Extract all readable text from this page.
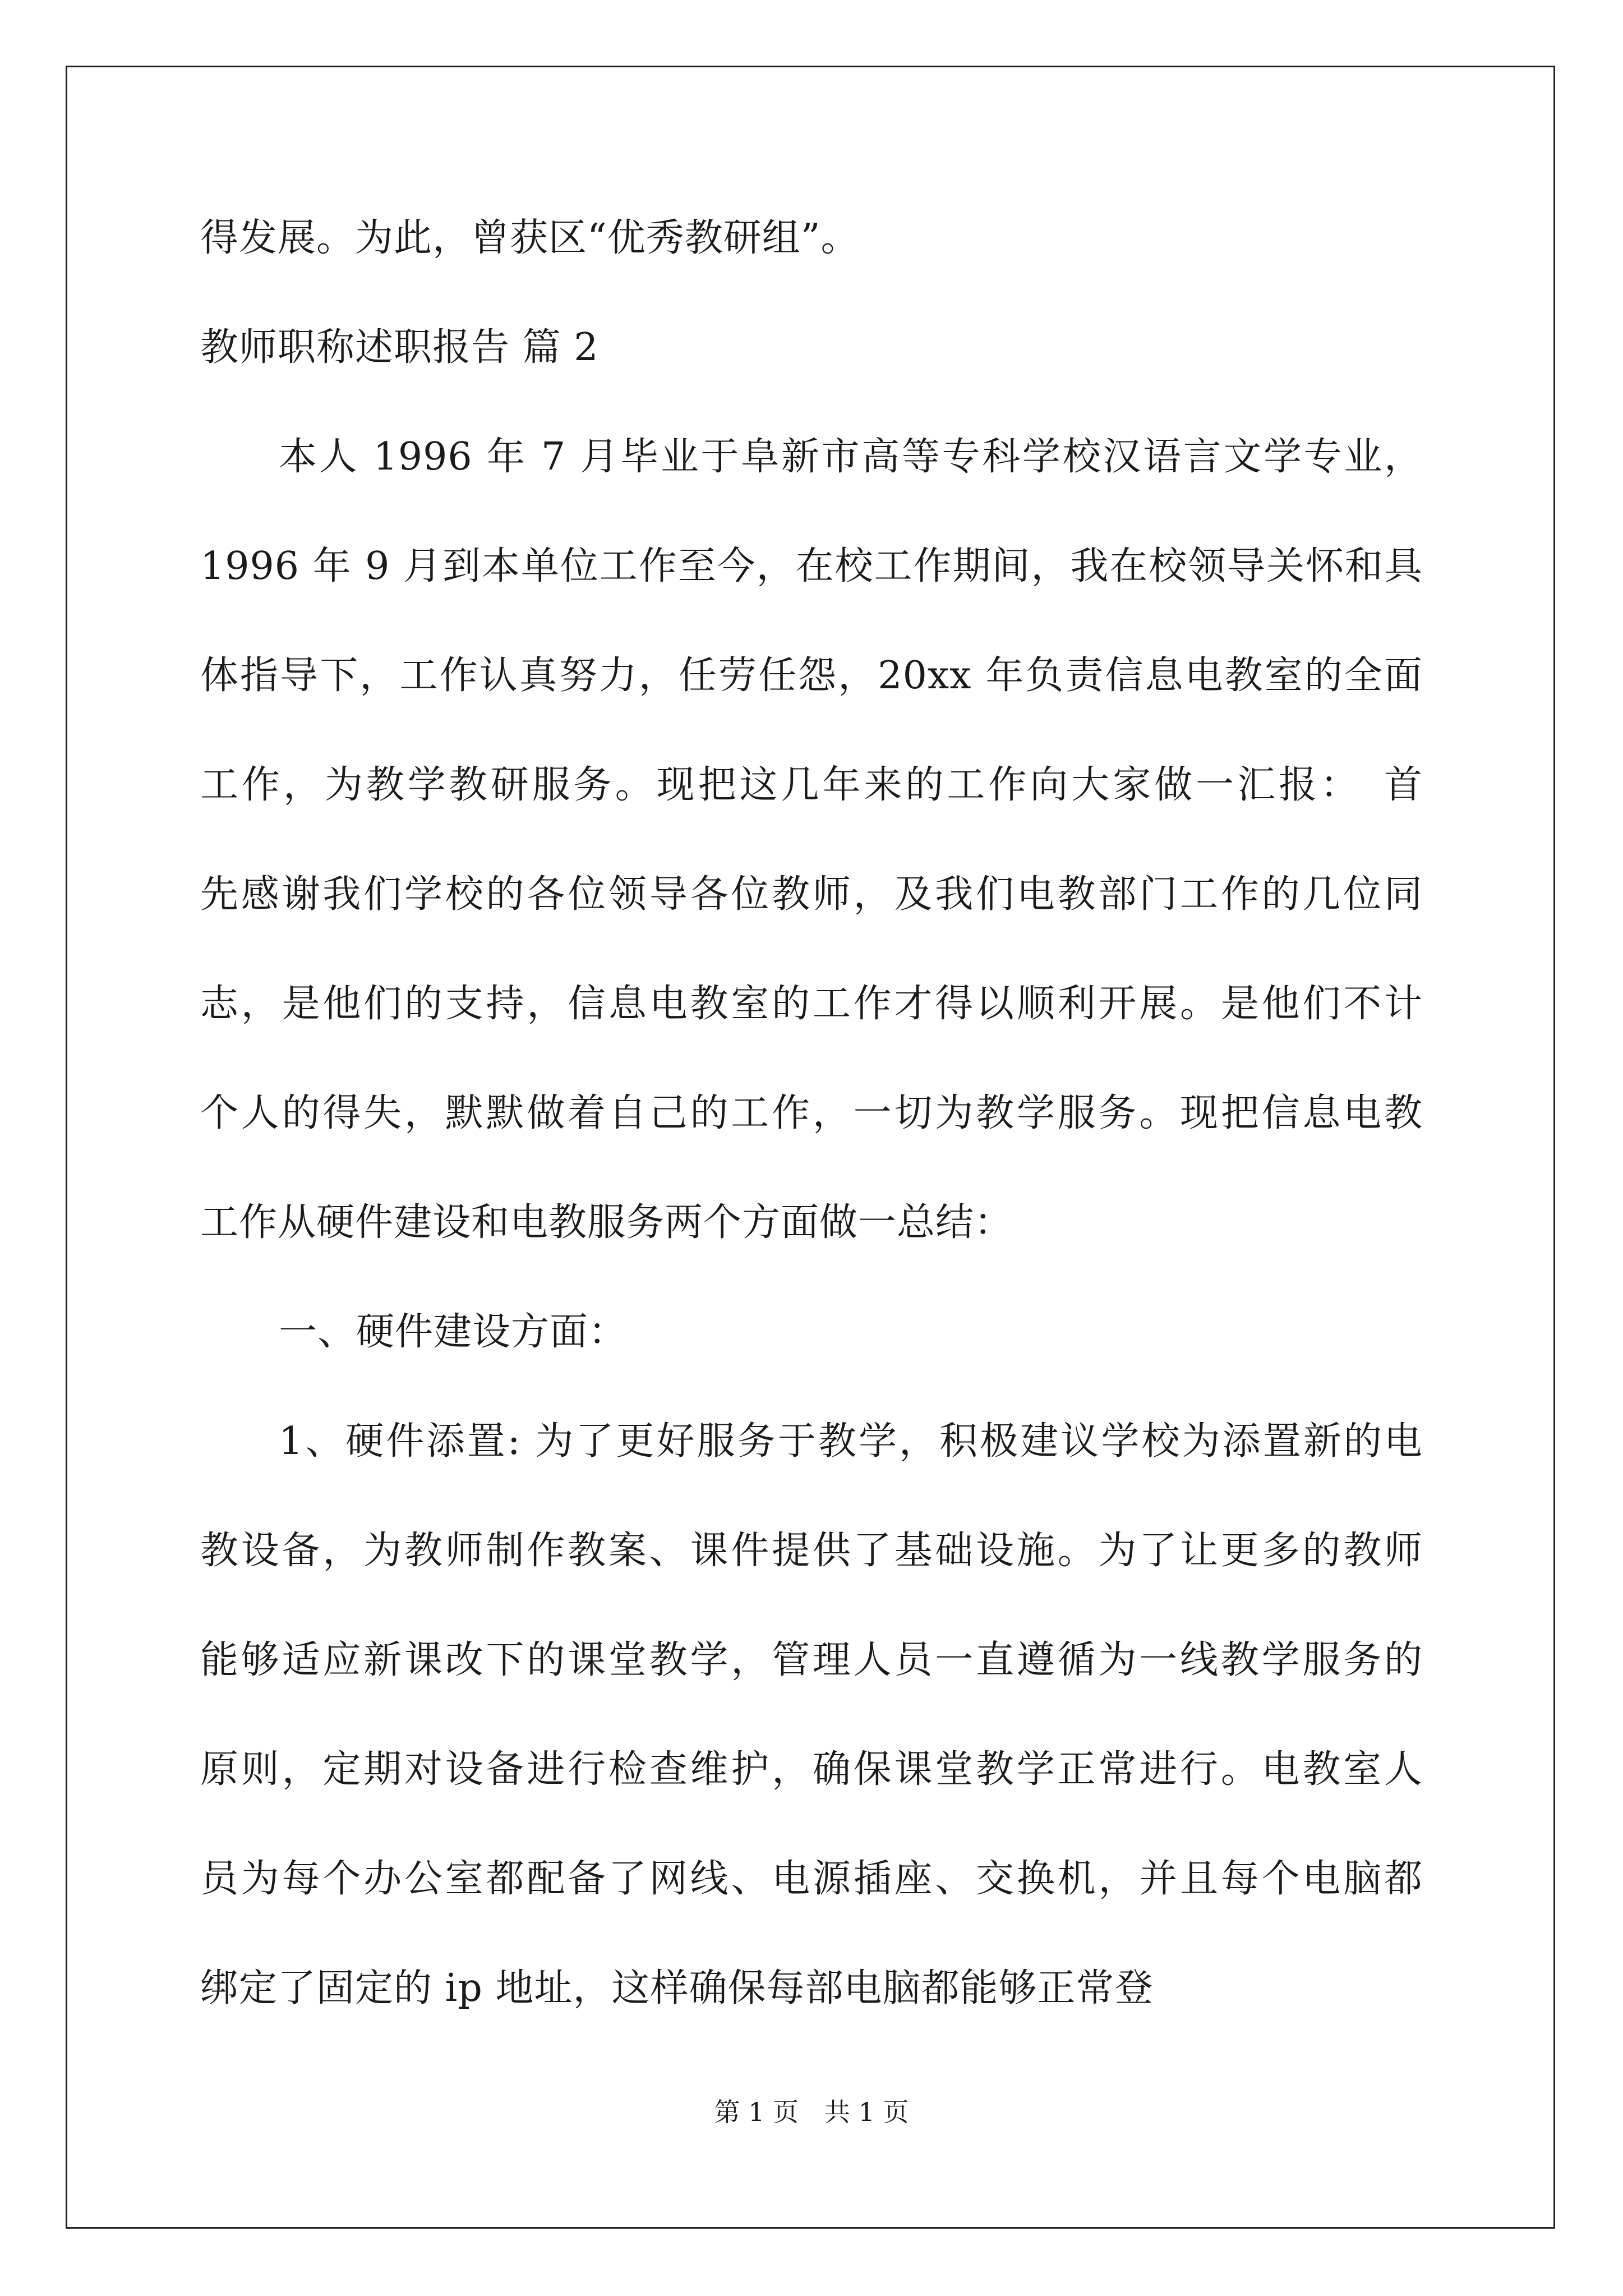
得发展。为此，曾获区“优秀教研组”。
教师职称述职报告 篇 2
本人 1996 年 7 月毕业于阜新市高等专科学校汉语言文学专业，
1996 年 9 月到本单位工作至今，在校工作期间，我在校领导关怀和具
体指导下，工作认真努力，任劳任怨，20xx 年负责信息电教室的全面
工作，为教学教研服务。现把这几年来的工作向大家做一汇报：　首
先感谢我们学校的各位领导各位教师，及我们电教部门工作的几位同
志，是他们的支持，信息电教室的工作才得以顺利开展。是他们不计
个人的得失，默默做着自己的工作，一切为教学服务。现把信息电教
工作从硬件建设和电教服务两个方面做一总结：
一、硬件建设方面：
1、硬件添置: 为了更好服务于教学，积极建议学校为添置新的电
教设备，为教师制作教案、课件提供了基础设施。为了让更多的教师
能够适应新课改下的课堂教学，管理人员一直遵循为一线教学服务的
原则，定期对设备进行检查维护，确保课堂教学正常进行。电教室人
员为每个办公室都配备了网线、电源插座、交换机，并且每个电脑都
绑定了固定的 ip 地址，这样确保每部电脑都能够正常登
第 1 页　共 1 页
